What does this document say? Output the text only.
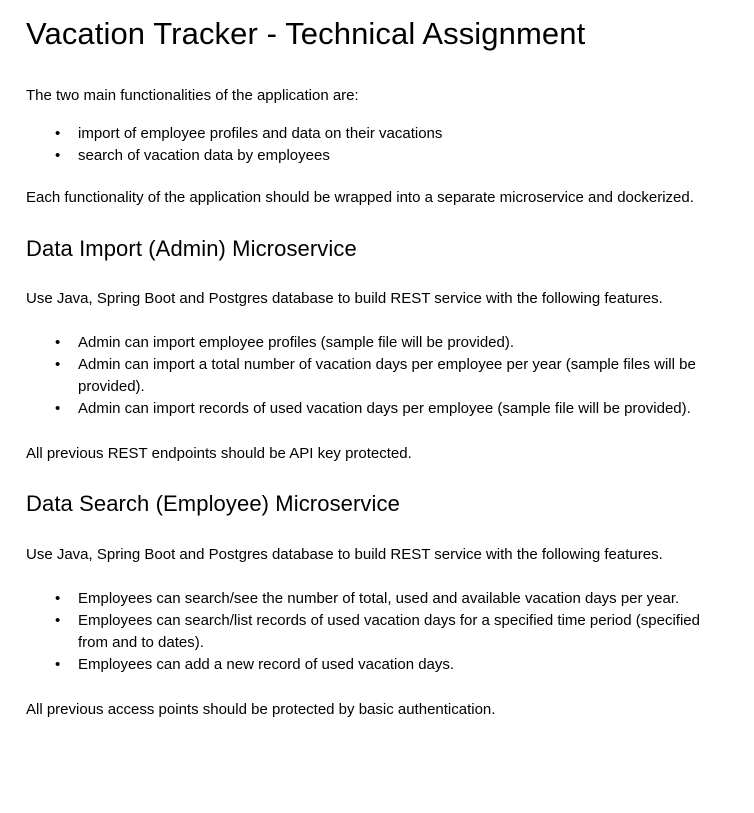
Vacation Tracker - Technical Assignment

The two main functionalities of the application are:

• import of employee profiles and data on their vacations
• search of vacation data by employees

Each functionality of the application should be wrapped into a separate microservice and dockerized.

Data Import (Admin) Microservice

Use Java, Spring Boot and Postgres database to build REST service with the following features.

• Admin can import employee profiles (sample file will be provided).
• Admin can import a total number of vacation days per employee per year (sample files will be provided).
• Admin can import records of used vacation days per employee (sample file will be provided).

All previous REST endpoints should be API key protected.

Data Search (Employee) Microservice

Use Java, Spring Boot and Postgres database to build REST service with the following features.

• Employees can search/see the number of total, used and available vacation days per year.
• Employees can search/list records of used vacation days for a specified time period (specified from and to dates).
• Employees can add a new record of used vacation days.

All previous access points should be protected by basic authentication.
